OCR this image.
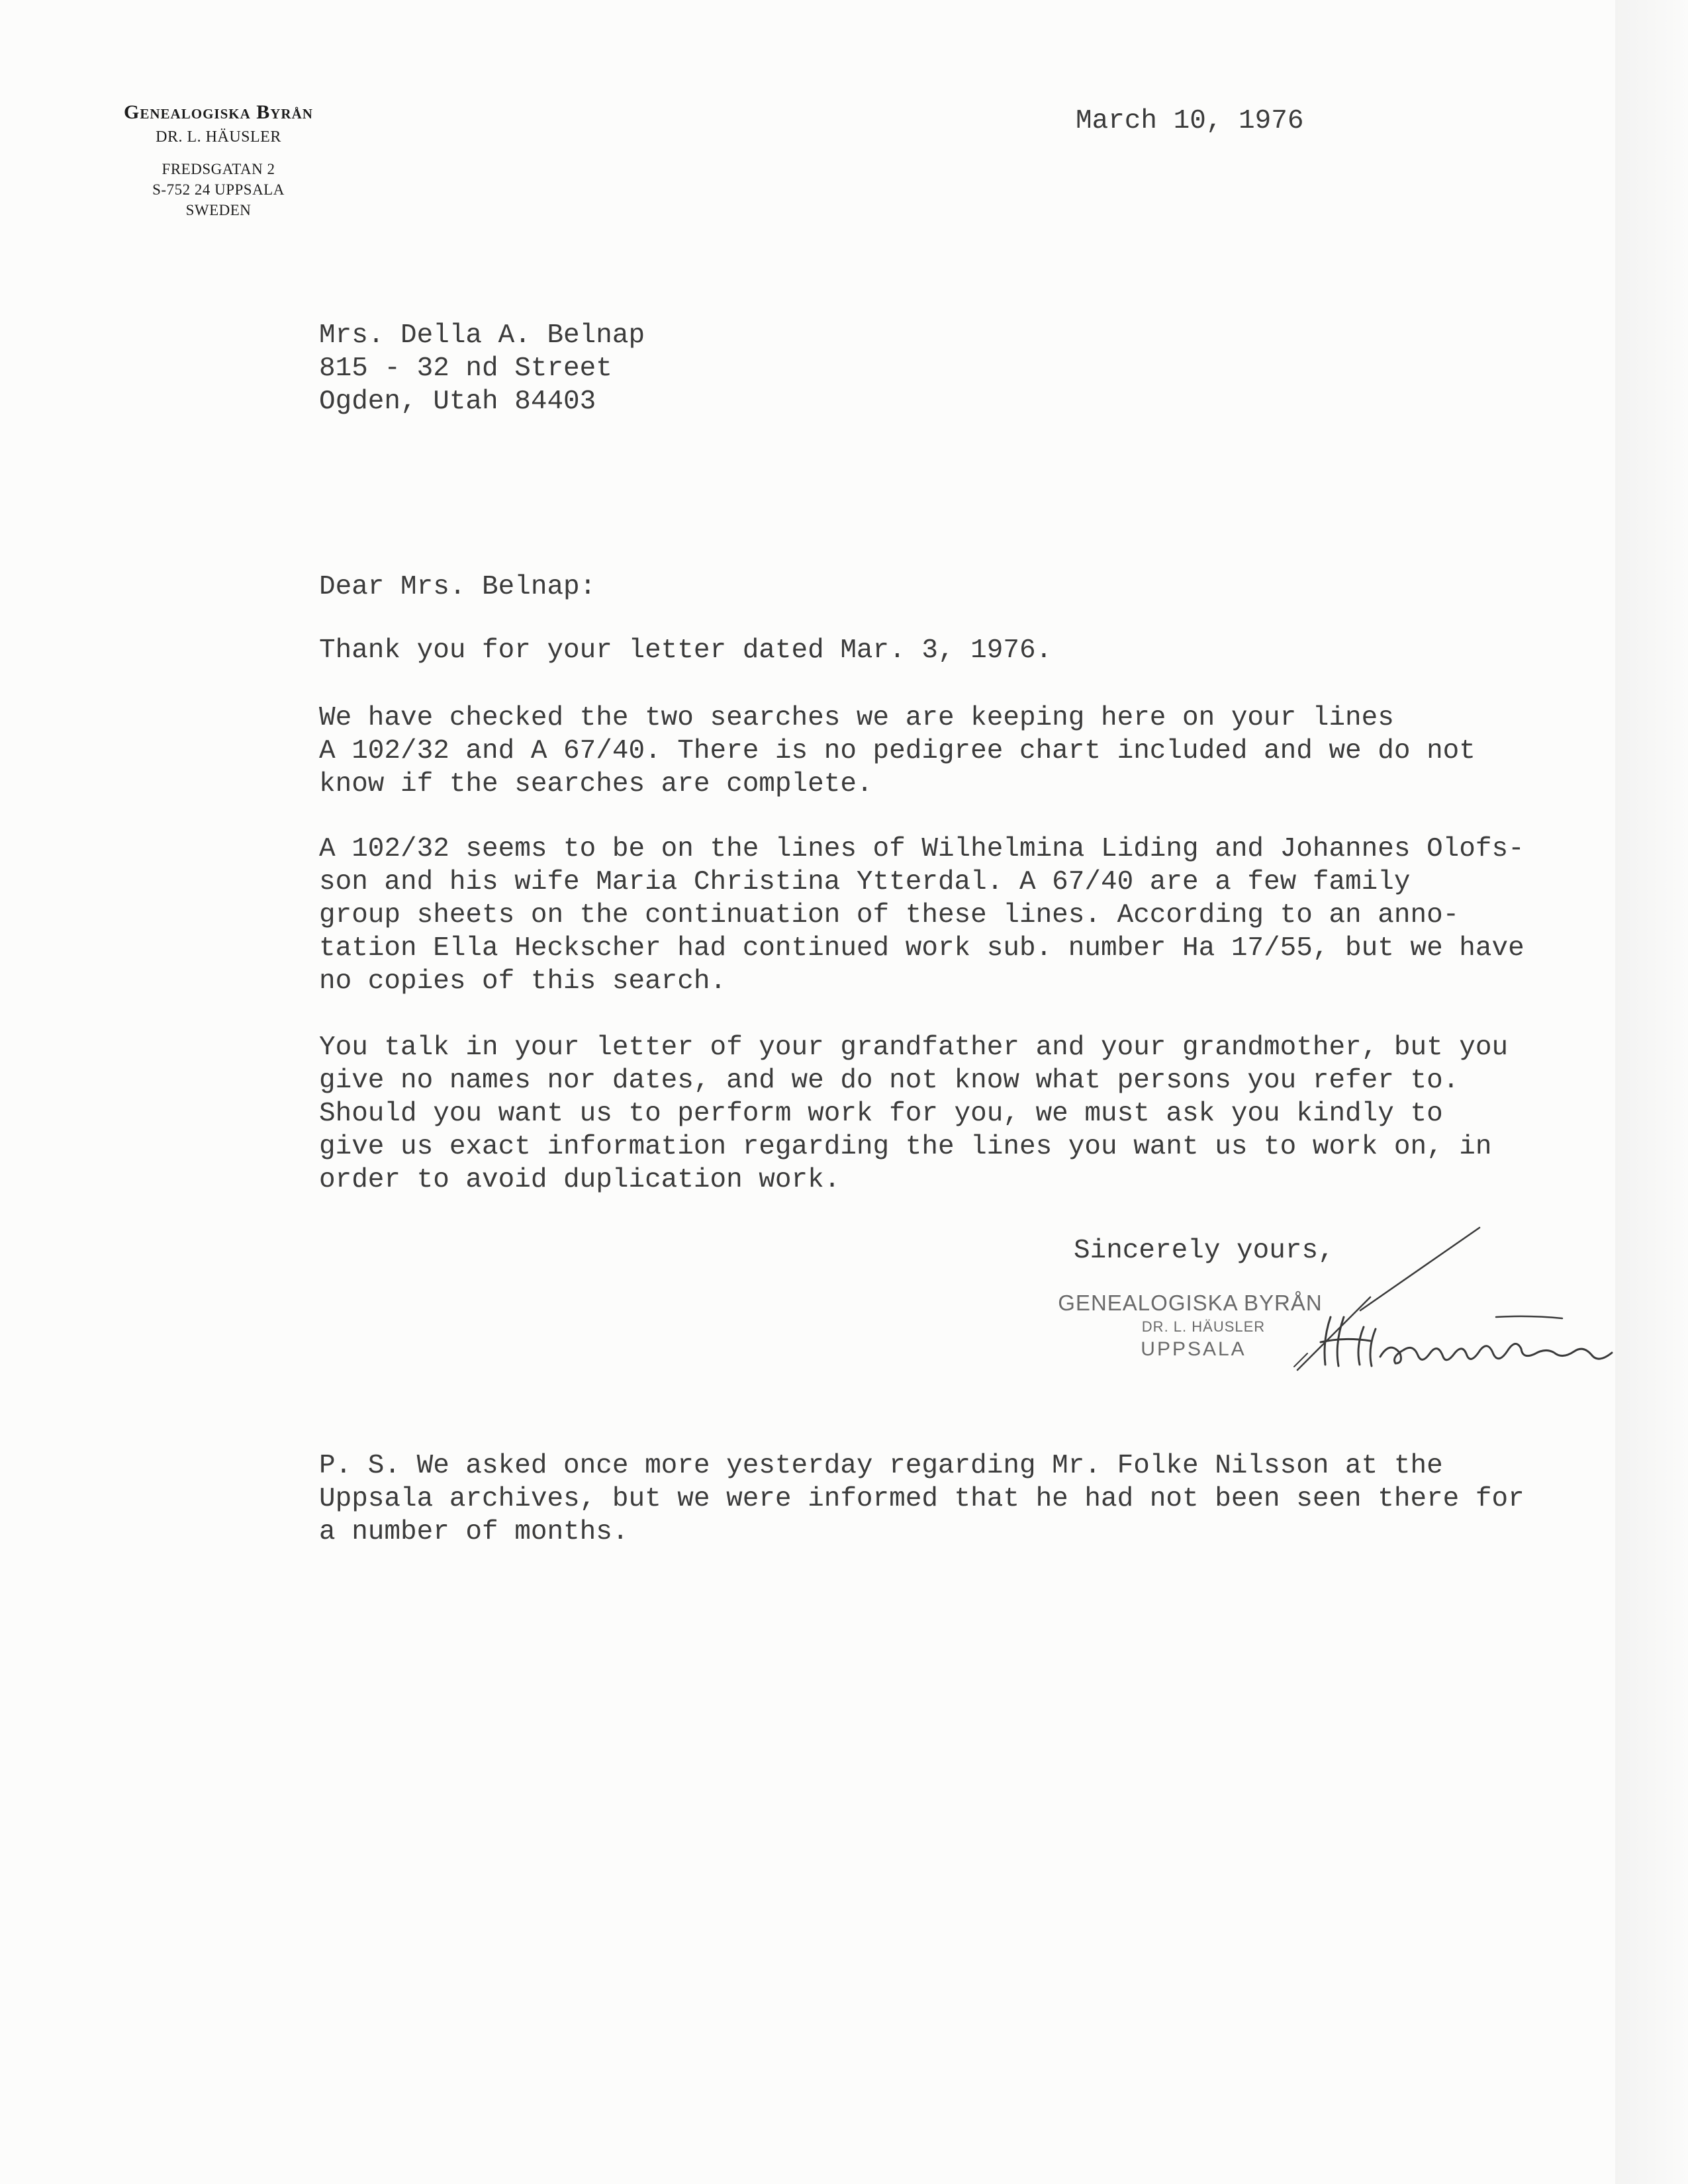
Genealogiska Byrån
DR. L. HÄUSLER
FREDSGATAN 2
S-752 24 UPPSALA
SWEDEN
March 10, 1976
Mrs. Della A. Belnap
815 - 32 nd Street
Ogden, Utah 84403
Dear Mrs. Belnap:
Thank you for your letter dated Mar. 3, 1976.
We have checked the two searches we are keeping here on your lines
A 102/32 and A 67/40. There is no pedigree chart included and we do not
know if the searches are complete.
A 102/32 seems to be on the lines of Wilhelmina Liding and Johannes Olofs-
son and his wife Maria Christina Ytterdal. A 67/40 are a few family
group sheets on the continuation of these lines. According to an anno-
tation Ella Heckscher had continued work sub. number Ha 17/55, but we have
no copies of this search.
You talk in your letter of your grandfather and your grandmother, but you
give no names nor dates, and we do not know what persons you refer to.
Should you want us to perform work for you, we must ask you kindly to
give us exact information regarding the lines you want us to work on, in
order to avoid duplication work.
Sincerely yours,
GENEALOGISKA BYRÅN
DR. L. HÄUSLER
UPPSALA
P. S. We asked once more yesterday regarding Mr. Folke Nilsson at the
Uppsala archives, but we were informed that he had not been seen there for
a number of months.
